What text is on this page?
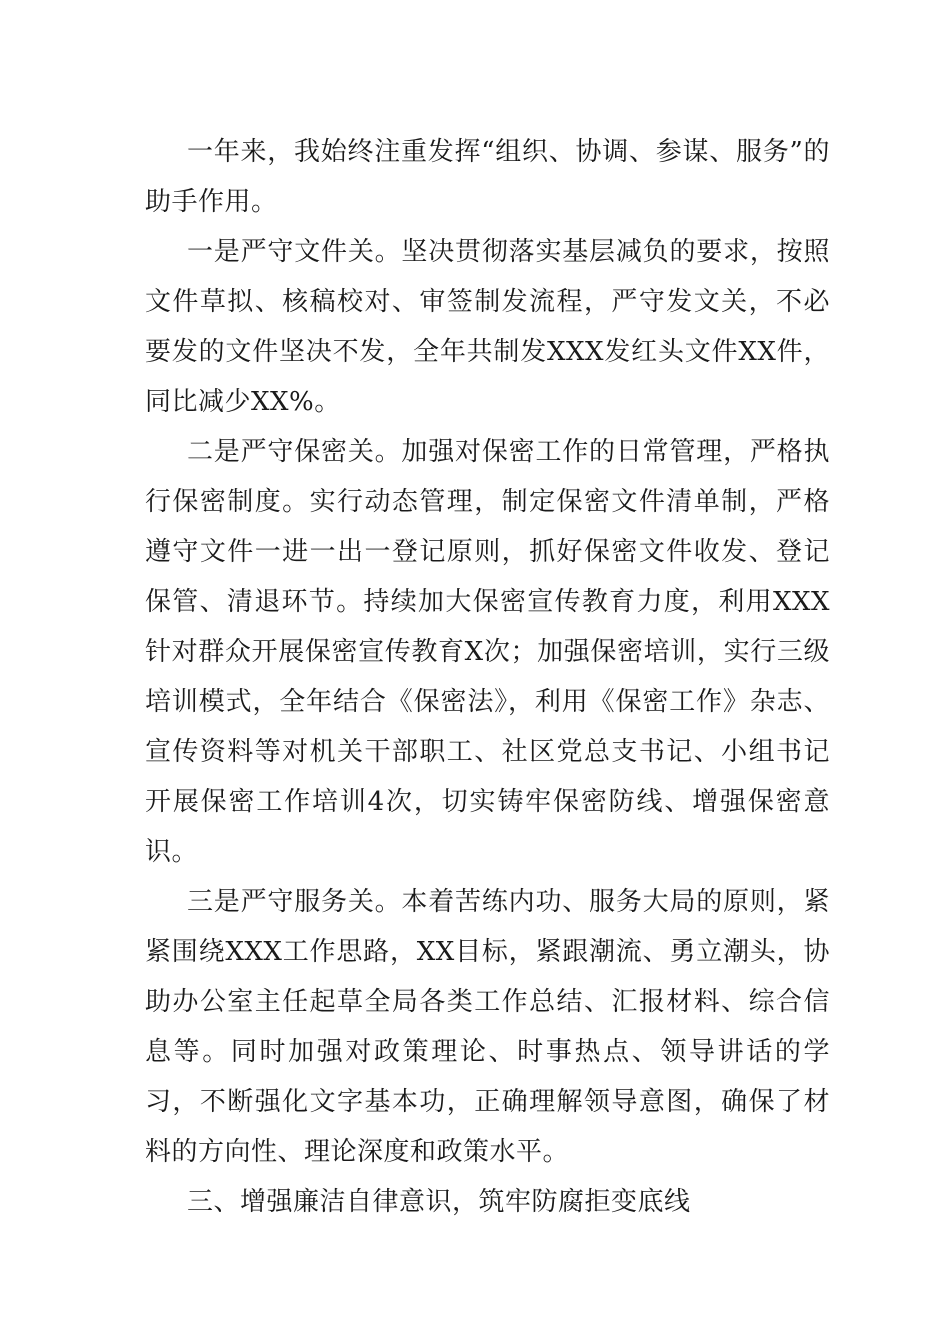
一年来，我始终注重发挥“组织、协调、参谋、服务”的助手作用。

一是严守文件关。坚决贯彻落实基层减负的要求，按照文件草拟、核稿校对、审签制发流程，严守发文关，不必要发的文件坚决不发，全年共制发XXX发红头文件XX件，同比减少XX%。

二是严守保密关。加强对保密工作的日常管理，严格执行保密制度。实行动态管理，制定保密文件清单制，严格遵守文件一进一出一登记原则，抓好保密文件收发、登记保管、清退环节。持续加大保密宣传教育力度，利用XXX针对群众开展保密宣传教育X次；加强保密培训，实行三级培训模式，全年结合《保密法》，利用《保密工作》杂志、宣传资料等对机关干部职工、社区党总支书记、小组书记开展保密工作培训4次，切实铸牢保密防线、增强保密意识。

三是严守服务关。本着苦练内功、服务大局的原则，紧紧围绕XXX工作思路，XX目标，紧跟潮流、勇立潮头，协助办公室主任起草全局各类工作总结、汇报材料、综合信息等。同时加强对政策理论、时事热点、领导讲话的学习，不断强化文字基本功，正确理解领导意图，确保了材料的方向性、理论深度和政策水平。

三、增强廉洁自律意识，筑牢防腐拒变底线
